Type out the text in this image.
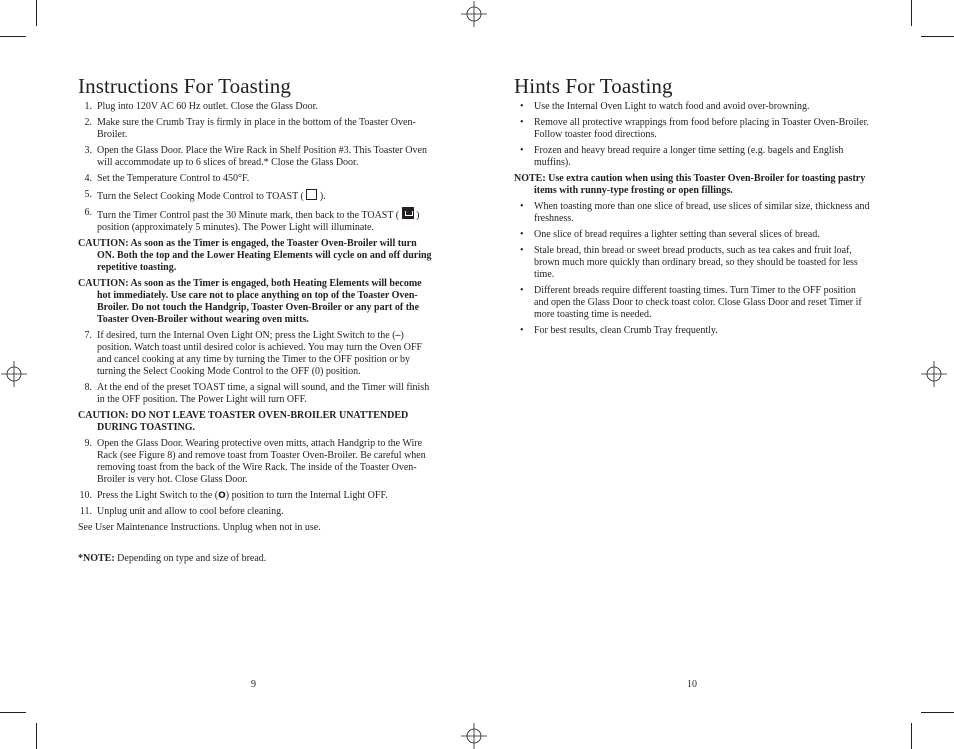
Instructions For Toasting
1. Plug into 120V AC 60 Hz outlet. Close the Glass Door.
2. Make sure the Crumb Tray is firmly in place in the bottom of the Toaster Oven-Broiler.
3. Open the Glass Door. Place the Wire Rack in Shelf Position #3. This Toaster Oven will accommodate up to 6 slices of bread.* Close the Glass Door.
4. Set the Temperature Control to 450°F.
5. Turn the Select Cooking Mode Control to TOAST ( ).
6. Turn the Timer Control past the 30 Minute mark, then back to the TOAST ( ) position (approximately 5 minutes). The Power Light will illuminate.
CAUTION: As soon as the Timer is engaged, the Toaster Oven-Broiler will turn ON. Both the top and the Lower Heating Elements will cycle on and off during repetitive toasting.
CAUTION: As soon as the Timer is engaged, both Heating Elements will become hot immediately. Use care not to place anything on top of the Toaster Oven-Broiler. Do not touch the Handgrip, Toaster Oven-Broiler or any part of the Toaster Oven-Broiler without wearing oven mitts.
7. If desired, turn the Internal Oven Light ON; press the Light Switch to the (–) position. Watch toast until desired color is achieved. You may turn the Oven OFF and cancel cooking at any time by turning the Timer to the OFF position or by turning the Select Cooking Mode Control to the OFF (0) position.
8. At the end of the preset TOAST time, a signal will sound, and the Timer will finish in the OFF position. The Power Light will turn OFF.
CAUTION: DO NOT LEAVE TOASTER OVEN-BROILER UNATTENDED DURING TOASTING.
9. Open the Glass Door. Wearing protective oven mitts, attach Handgrip to the Wire Rack (see Figure 8) and remove toast from Toaster Oven-Broiler. Be careful when removing toast from the back of the Wire Rack. The inside of the Toaster Oven-Broiler is very hot. Close Glass Door.
10. Press the Light Switch to the (O) position to turn the Internal Light OFF.
11. Unplug unit and allow to cool before cleaning.
See User Maintenance Instructions. Unplug when not in use.
*NOTE: Depending on type and size of bread.
9
Hints For Toasting
• Use the Internal Oven Light to watch food and avoid over-browning.
• Remove all protective wrappings from food before placing in Toaster Oven-Broiler. Follow toaster food directions.
• Frozen and heavy bread require a longer time setting (e.g. bagels and English muffins).
NOTE: Use extra caution when using this Toaster Oven-Broiler for toasting pastry items with runny-type frosting or open fillings.
• When toasting more than one slice of bread, use slices of similar size, thickness and freshness.
• One slice of bread requires a lighter setting than several slices of bread.
• Stale bread, thin bread or sweet bread products, such as tea cakes and fruit loaf, brown much more quickly than ordinary bread, so they should be toasted for less time.
• Different breads require different toasting times. Turn Timer to the OFF position and open the Glass Door to check toast color. Close Glass Door and reset Timer if more toasting time is needed.
• For best results, clean Crumb Tray frequently.
10
